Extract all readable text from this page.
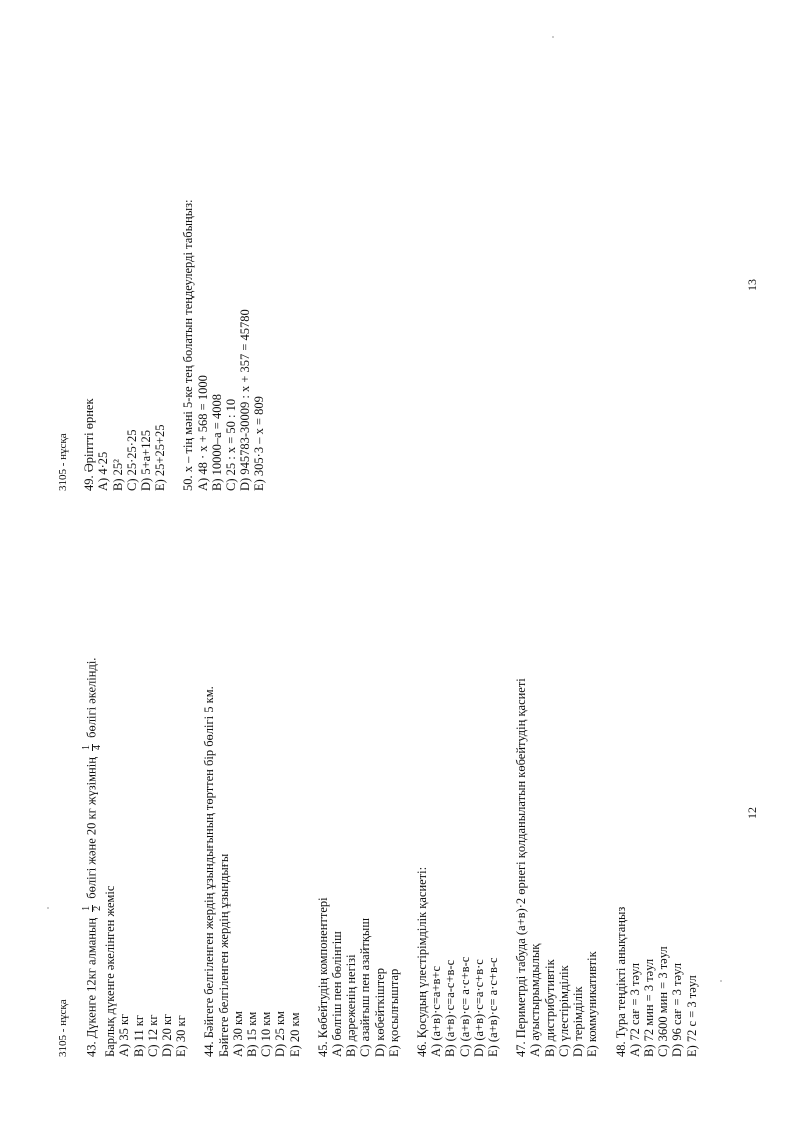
3105 - нұсқа 43. Дүкенге 12кг алманың
1 2
бөлігі және 20 кг жүзімнің
1 4
бөлігі әкелінді.
Барлық дүкенге әкелінген жеміс A) 35 кг B) 11 кг C) 12 кг D) 20 кг E) 30 кг 44. Бәйгеге белгіленген жердің ұзындығының төрттен бір бөлігі 5 км. Бәйгеге белгіленген жердің ұзындығы A) 30 км B) 15 км C) 10 км D) 25 км E) 20 км 45. Көбейтудің компоненттері A) бөлгіш пен бөлінгіш B) дәреженің негізі C) азайғыш пен азайтқыш D) көбейткіштер E) қосылғыштар 46. Қосудың үлестірімділік қасиеті: A) (а+в)·с=а+в+с B) (а+в)·с=а-с+в-с C) (а+в)·с= а·с+в-с D) (а+в)·с=а·с+в·с E) (а+в)·с= а·с+в-с 47. Периметрді табуда (а+в)·2 өрнегі қолданылатын көбейтудің қасиеті A) ауыстырымдылық B) дистрибутивтік C) үлестірімділік D) терімділік E) коммуникативтік 48. Тура теңдікті анықтаңыз A) 72 сағ = 3 тәул B) 72 мин = 3 тәул C) 3600 мин = 3 тәул D) 96 сағ = 3 тәул E) 72 с = 3 тәул
12
3105 - нұсқа 49. Әріптті өрнек A) 4·25 B) 25² C) 25·25·25 D) 5+а+125 E) 25+25+25 50. х – тің мәні 5-ке тең болатын теңдеулерді табыңыз: A) 48 · х + 568 = 1000 B) 10000–а = 4008 C) 25 : х = 50 : 10 D) 945783-30009 : х + 357 = 45780 E) 305·3 – х = 809
13
